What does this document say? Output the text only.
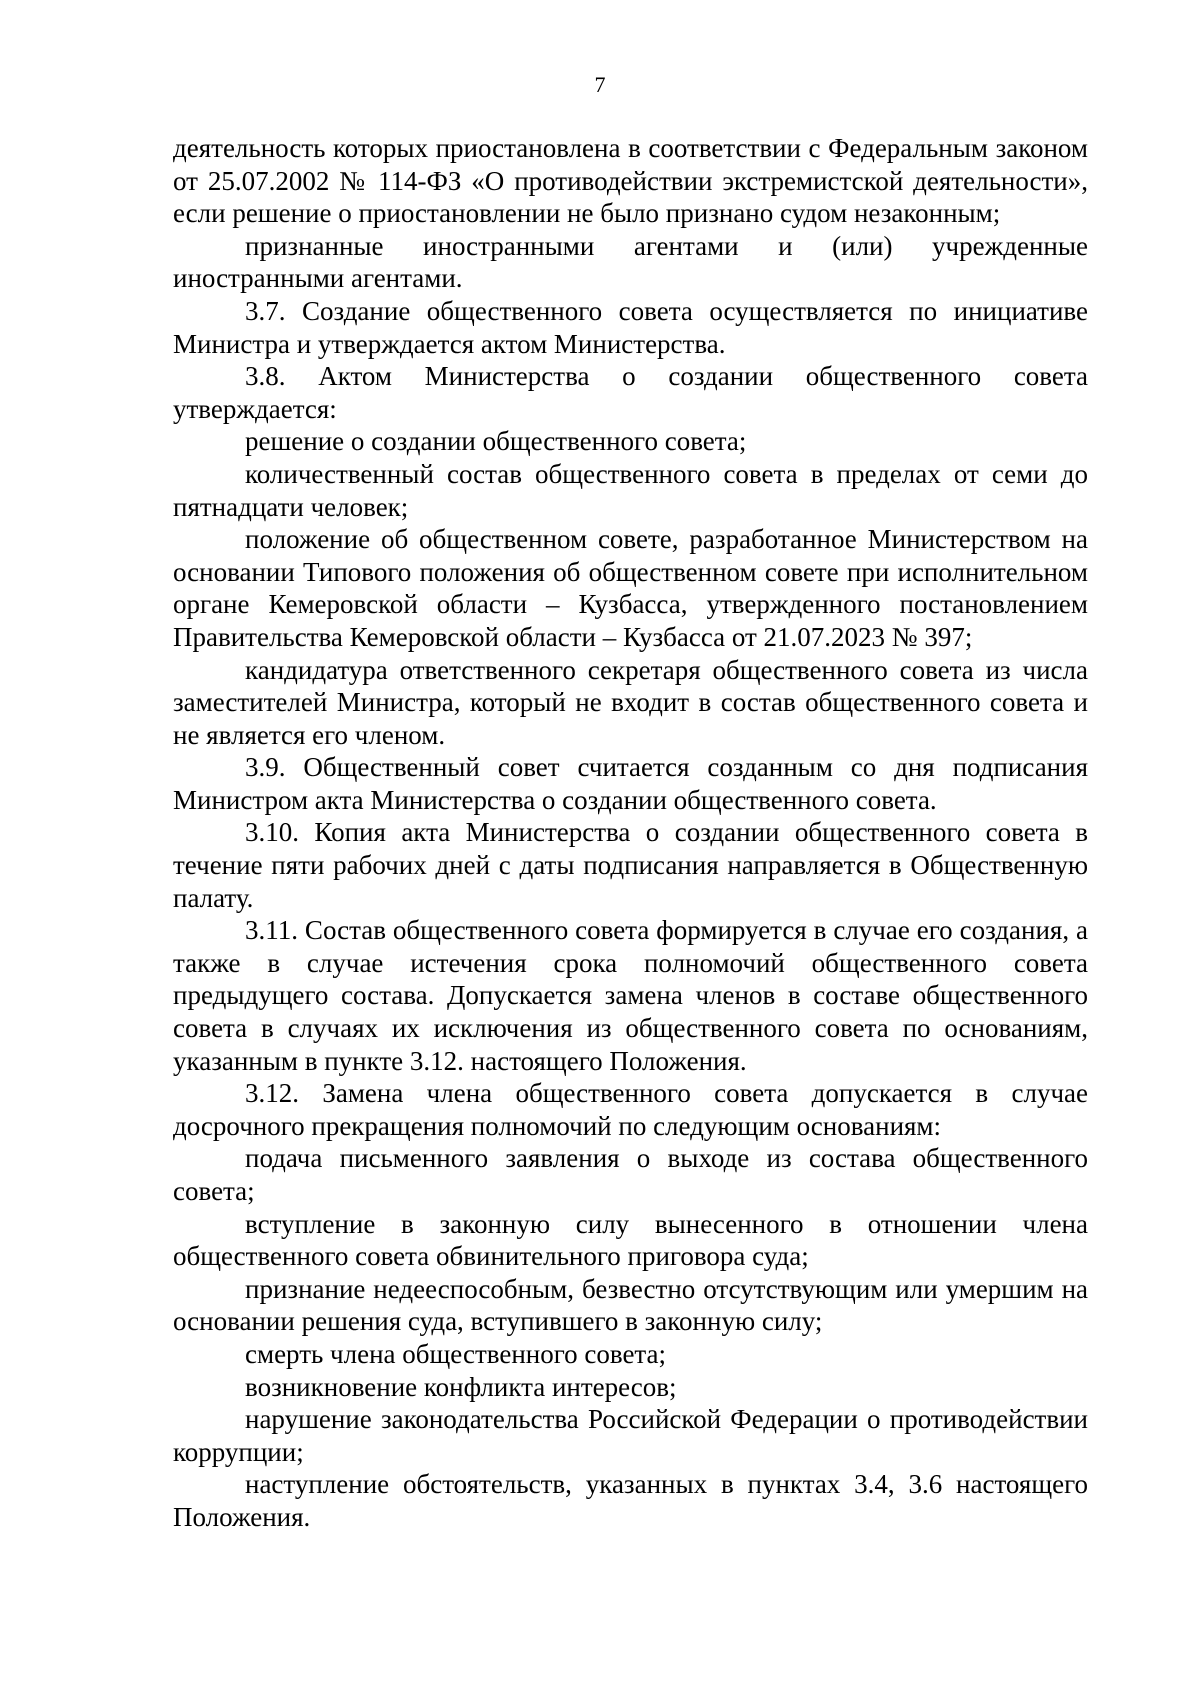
7

деятельность которых приостановлена в соответствии с Федеральным законом от 25.07.2002 № 114-ФЗ «О противодействии экстремистской деятельности», если решение о приостановлении не было признано судом незаконным;

признанные иностранными агентами и (или) учрежденные иностранными агентами.

3.7. Создание общественного совета осуществляется по инициативе Министра и утверждается актом Министерства.

3.8. Актом Министерства о создании общественного совета утверждается:

решение о создании общественного совета;

количественный состав общественного совета в пределах от семи до пятнадцати человек;

положение об общественном совете, разработанное Министерством на основании Типового положения об общественном совете при исполнительном органе Кемеровской области – Кузбасса, утвержденного постановлением Правительства Кемеровской области – Кузбасса от 21.07.2023 № 397;

кандидатура ответственного секретаря общественного совета из числа заместителей Министра, который не входит в состав общественного совета и не является его членом.

3.9. Общественный совет считается созданным со дня подписания Министром акта Министерства о создании общественного совета.

3.10. Копия акта Министерства о создании общественного совета в течение пяти рабочих дней с даты подписания направляется в Общественную палату.

3.11. Состав общественного совета формируется в случае его создания, а также в случае истечения срока полномочий общественного совета предыдущего состава. Допускается замена членов в составе общественного совета в случаях их исключения из общественного совета по основаниям, указанным в пункте 3.12. настоящего Положения.

3.12. Замена члена общественного совета допускается в случае досрочного прекращения полномочий по следующим основаниям:

подача письменного заявления о выходе из состава общественного совета;

вступление в законную силу вынесенного в отношении члена общественного совета обвинительного приговора суда;

признание недееспособным, безвестно отсутствующим или умершим на основании решения суда, вступившего в законную силу;

смерть члена общественного совета;

возникновение конфликта интересов;

нарушение законодательства Российской Федерации о противодействии коррупции;

наступление обстоятельств, указанных в пунктах 3.4, 3.6 настоящего Положения.
